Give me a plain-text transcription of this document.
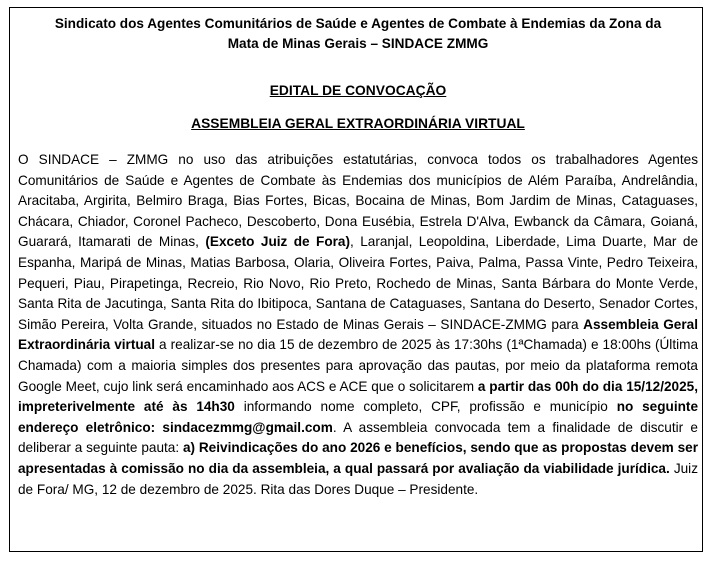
Sindicato dos Agentes Comunitários de Saúde e Agentes de Combate à Endemias da Zona da
Mata de Minas Gerais – SINDACE ZMMG
EDITAL DE CONVOCAÇÃO
ASSEMBLEIA GERAL EXTRAORDINÁRIA VIRTUAL
O SINDACE – ZMMG no uso das atribuições estatutárias, convoca todos os trabalhadores Agentes Comunitários de Saúde e Agentes de Combate às Endemias dos municípios de Além Paraíba, Andrelândia, Aracitaba, Argirita, Belmiro Braga, Bias Fortes, Bicas, Bocaina de Minas, Bom Jardim de Minas, Cataguases, Chácara, Chiador, Coronel Pacheco, Descoberto, Dona Eusébia, Estrela D'Alva, Ewbanck da Câmara, Goianá, Guarará, Itamarati de Minas, (Exceto Juiz de Fora), Laranjal, Leopoldina, Liberdade, Lima Duarte, Mar de Espanha, Maripá de Minas, Matias Barbosa, Olaria, Oliveira Fortes, Paiva, Palma, Passa Vinte, Pedro Teixeira, Pequeri, Piau, Pirapetinga, Recreio, Rio Novo, Rio Preto, Rochedo de Minas, Santa Bárbara do Monte Verde, Santa Rita de Jacutinga, Santa Rita do Ibitipoca, Santana de Cataguases, Santana do Deserto, Senador Cortes, Simão Pereira, Volta Grande, situados no Estado de Minas Gerais – SINDACE-ZMMG para Assembleia Geral Extraordinária virtual a realizar-se no dia 15 de dezembro de 2025 às 17:30hs (1ªChamada) e 18:00hs (Última Chamada) com a maioria simples dos presentes para aprovação das pautas, por meio da plataforma remota Google Meet, cujo link será encaminhado aos ACS e ACE que o solicitarem a partir das 00h do dia 15/12/2025, impreterivelmente até às 14h30 informando nome completo, CPF, profissão e município no seguinte endereço eletrônico: sindacezmmg@gmail.com. A assembleia convocada tem a finalidade de discutir e deliberar a seguinte pauta: a) Reivindicações do ano 2026 e benefícios, sendo que as propostas devem ser apresentadas à comissão no dia da assembleia, a qual passará por avaliação da viabilidade jurídica. Juiz de Fora/ MG, 12 de dezembro de 2025. Rita das Dores Duque – Presidente.
